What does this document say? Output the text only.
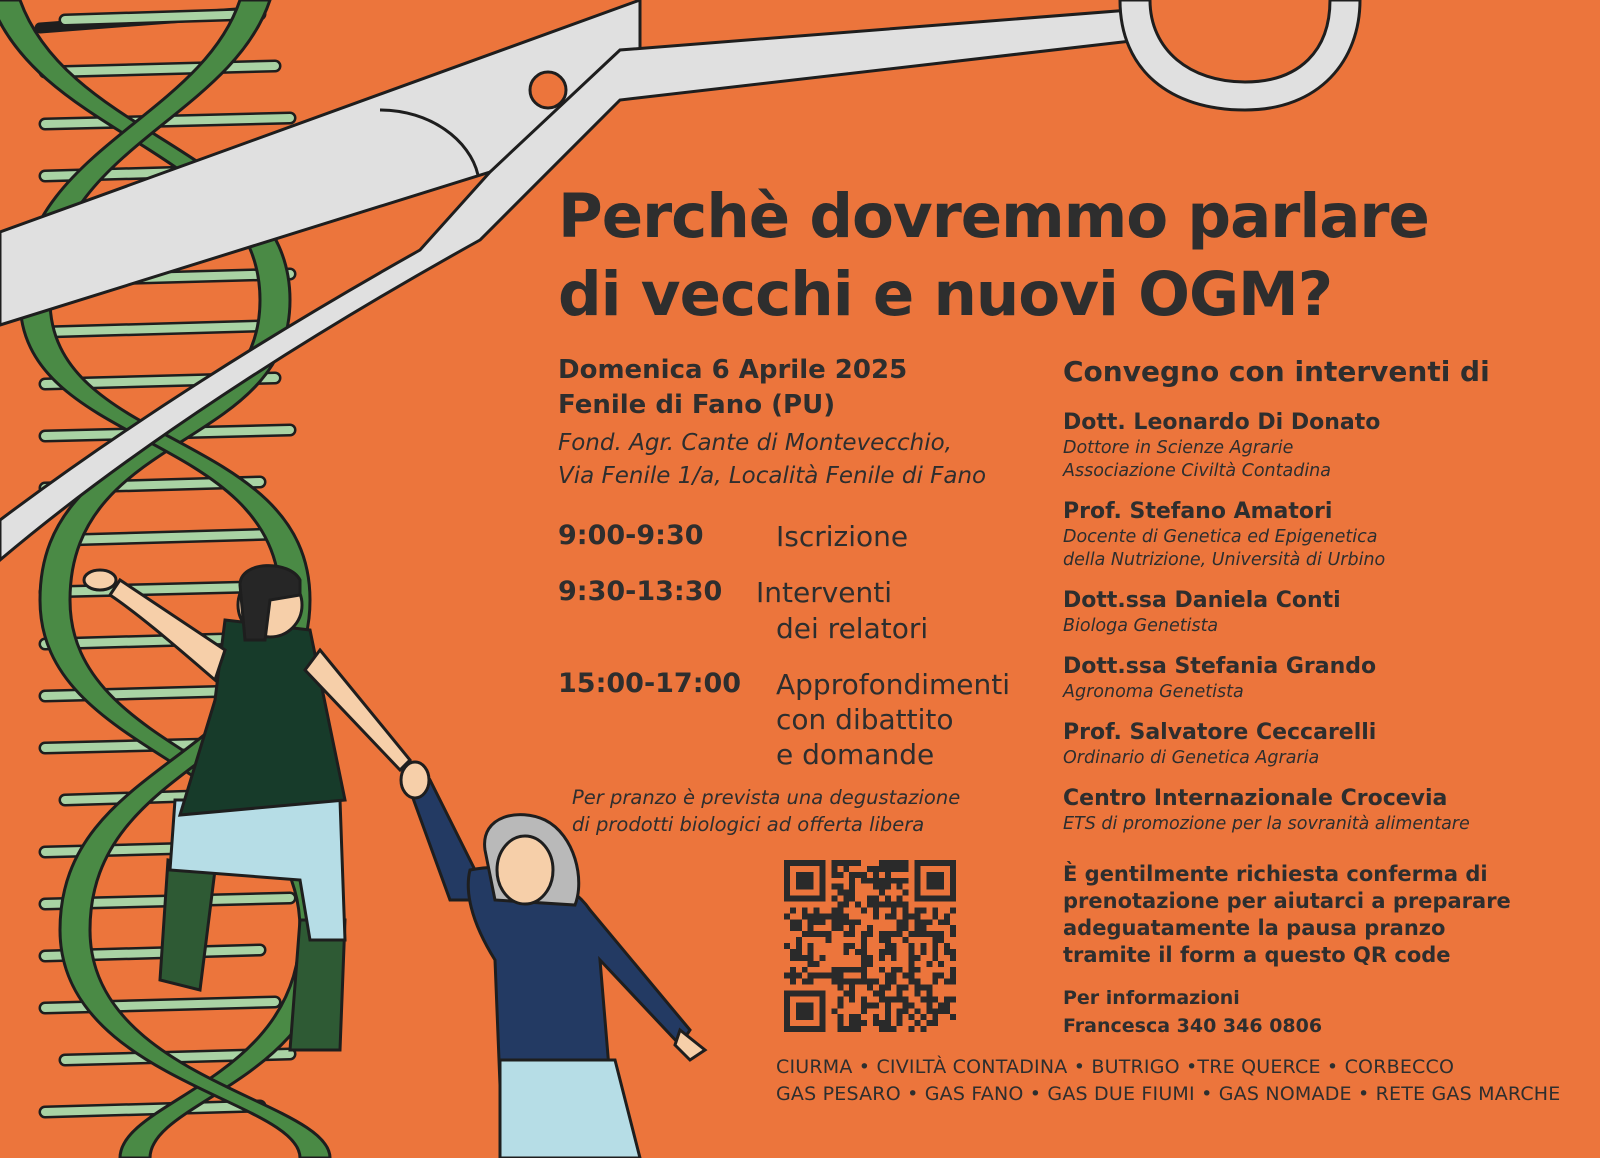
Perchè dovremmo parlare
di vecchi e nuovi OGM?
Domenica 6 Aprile 2025
Fenile di Fano (PU)
Fond. Agr. Cante di Montevecchio,
Via Fenile 1/a, Località Fenile di Fano
9:00-9:30	Iscrizione
9:30-13:30 Interventi
dei relatori
15:00-17:00 Approfondimenti
con dibattito
e domande
Per pranzo è prevista una degustazione
di prodotti biologici ad offerta libera
Convegno con interventi di
Dott. Leonardo Di Donato
Dottore in Scienze Agrarie
Associazione Civiltà Contadina
Prof. Stefano Amatori
Docente di Genetica ed Epigenetica
della Nutrizione, Università di Urbino
Dott.ssa Daniela Conti
Biologa Genetista
Dott.ssa Stefania Grando
Agronoma Genetista
Prof. Salvatore Ceccarelli
Ordinario di Genetica Agraria
Centro Internazionale Crocevia
ETS di promozione per la sovranità alimentare
È gentilmente richiesta conferma di
prenotazione per aiutarci a preparare
adeguatamente la pausa pranzo
tramite il form a questo QR code
Per informazioni
Francesca 340 346 0806
CIURMA • CIVILTÀ CONTADINA • BUTRIGO •TRE QUERCE • CORBECCO
GAS PESARO • GAS FANO • GAS DUE FIUMI • GAS NOMADE • RETE GAS MARCHE
